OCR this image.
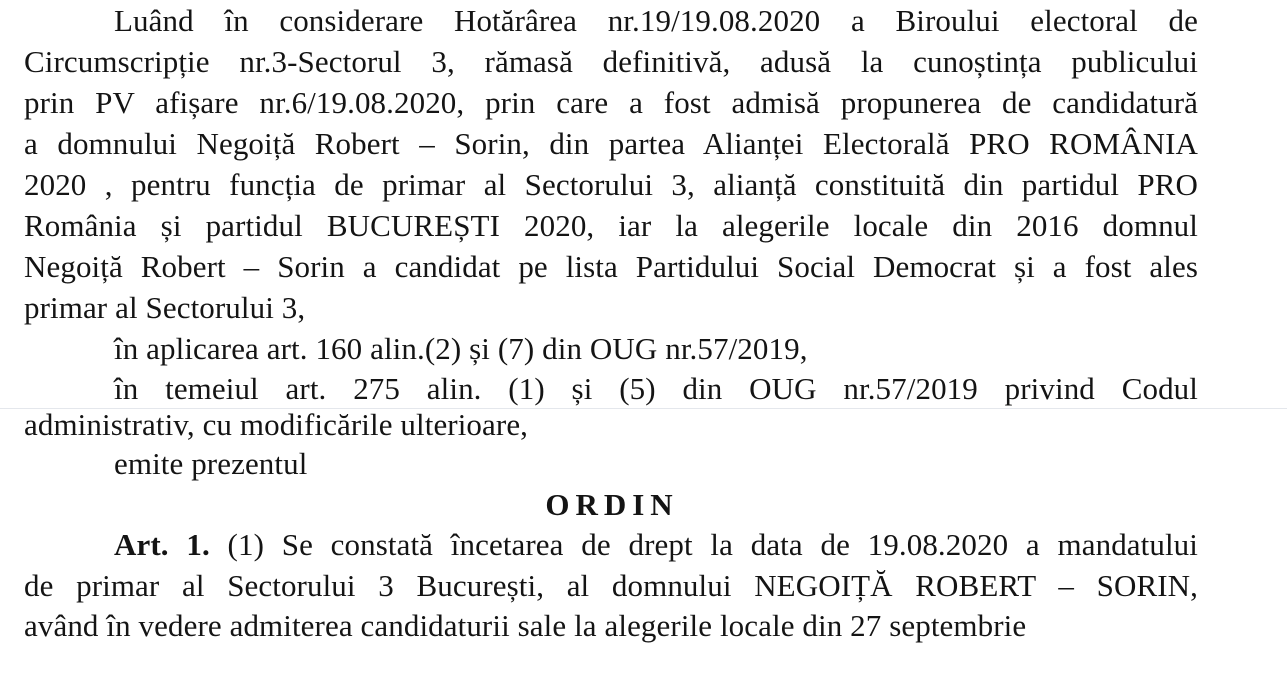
Luând în considerare Hotărârea nr.19/19.08.2020 a Biroului electoral de
Circumscripție nr.3-Sectorul 3, rămasă definitivă, adusă la cunoștința publicului
prin PV afișare nr.6/19.08.2020, prin care a fost admisă propunerea de candidatură
a domnului Negoiță Robert – Sorin, din partea Alianței Electorală PRO ROMÂNIA
2020 , pentru funcția de primar al Sectorului 3, alianță constituită din partidul PRO
România și partidul BUCUREȘTI 2020, iar la alegerile locale din 2016 domnul
Negoiță Robert – Sorin a candidat pe lista Partidului Social Democrat și a fost ales
primar al Sectorului 3,
în aplicarea art. 160 alin.(2) și (7) din OUG nr.57/2019,
în temeiul art. 275 alin. (1) și (5) din OUG nr.57/2019 privind Codul
administrativ, cu modificările ulterioare,
emite prezentul
ORDIN
Art. 1. (1) Se constată încetarea de drept la data de 19.08.2020 a mandatului
de primar al Sectorului 3 București, al domnului NEGOIȚĂ ROBERT – SORIN,
având în vedere admiterea candidaturii sale la alegerile locale din 27 septembrie
